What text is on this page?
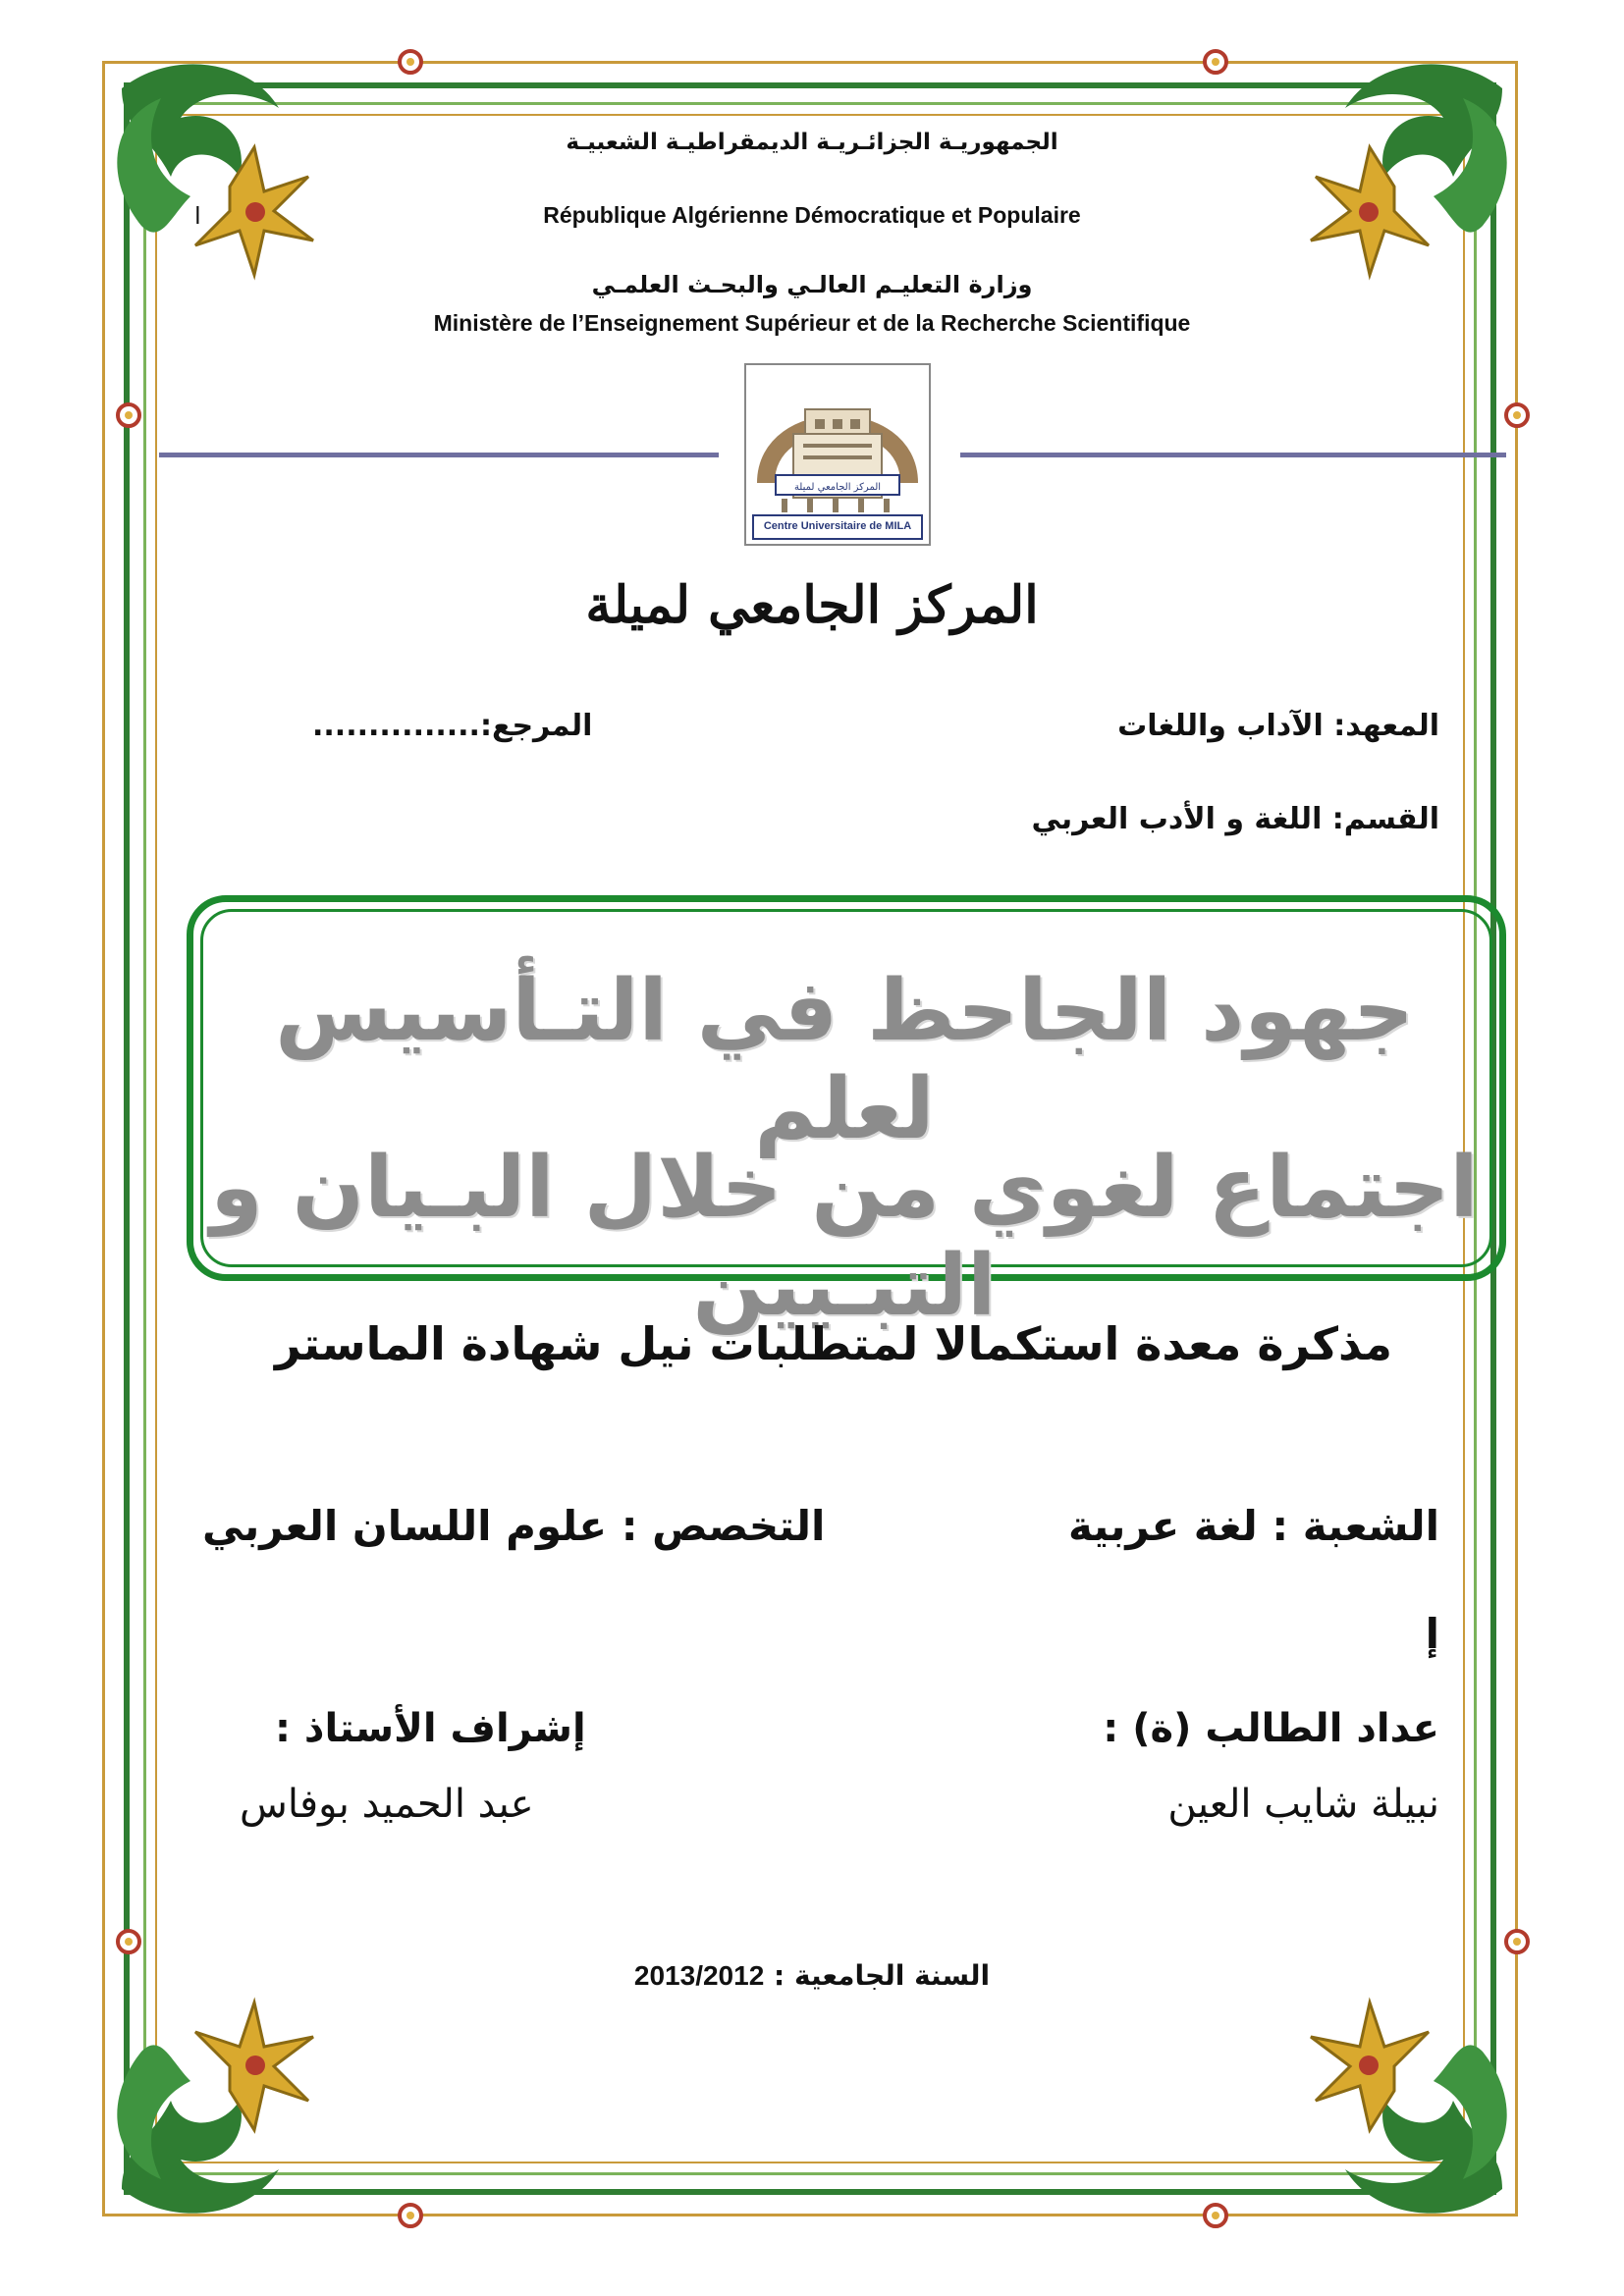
الجمهوريـة الجزائـريـة الديمقراطيـة الشعبيـة
République Algérienne Démocratique et Populaire
ا
وزارة التعليـم العالـي والبحـث العلمـي
Ministère de l’Enseignement Supérieur et de la Recherche Scientifique
المركز الجامعي لميلة
Centre Universitaire de MILA
المركز الجامعي لميلة
المعهد: الآداب واللغات
المرجع:...............
القسم: اللغة و الأدب العربي
جهود الجاحظ في التـأسيس لعلم
اجتماع لغوي من خلال البـيان و التبـيين
مذكرة معدة استكمالا لمتطلبات نيل شهادة الماستر
الشعبة : لغة عربية
التخصص : علوم اللسان العربي
إ
عداد الطالب (ة) :
إشراف الأستاذ :
نبيلة شايب العين
عبد الحميد بوفاس
السنة الجامعية : 2013/2012
